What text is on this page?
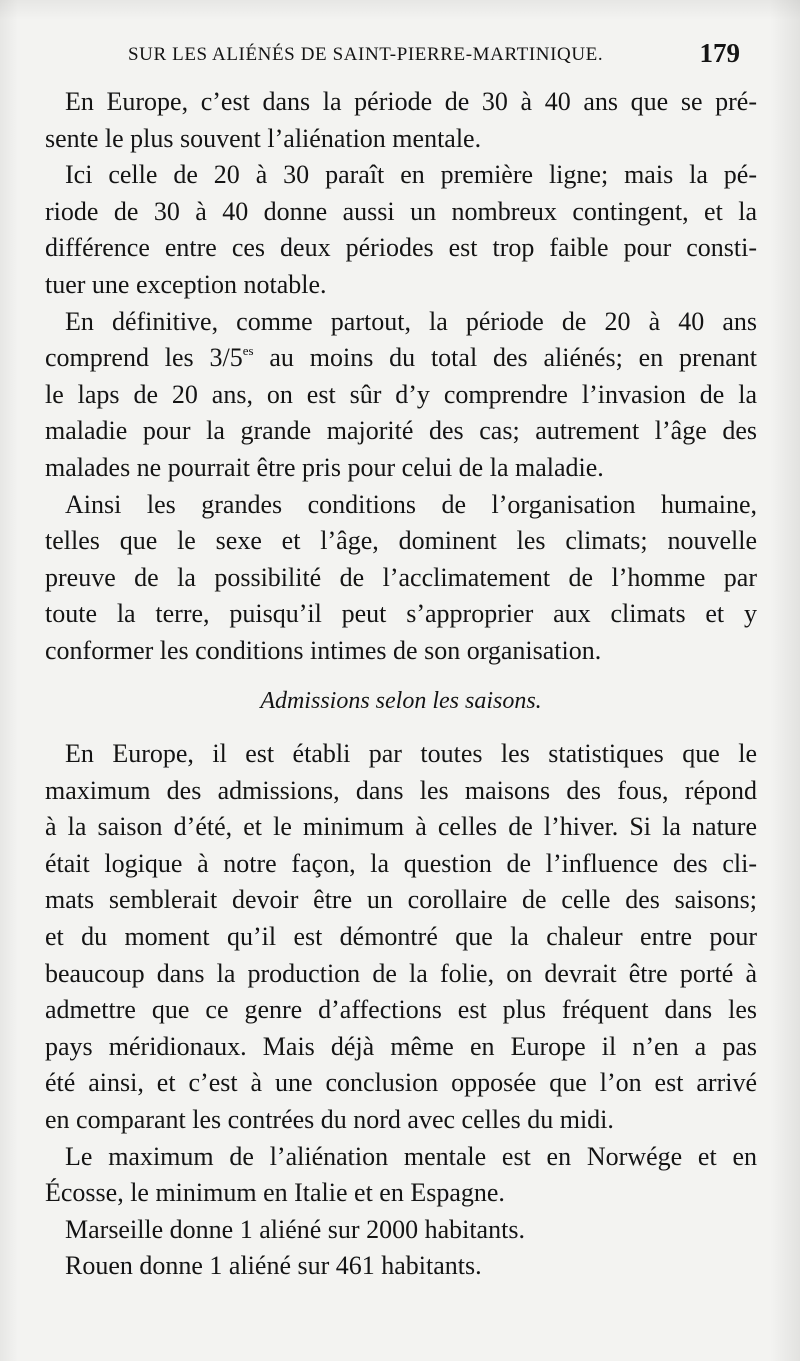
SUR LES ALIÉNÉS DE SAINT-PIERRE-MARTINIQUE.	179
En Europe, c’est dans la période de 30 à 40 ans que se pré-
sente le plus souvent l’aliénation mentale.
Ici celle de 20 à 30 paraît en première ligne; mais la pé-
riode de 30 à 40 donne aussi un nombreux contingent, et la
différence entre ces deux périodes est trop faible pour consti-
tuer une exception notable.
En définitive, comme partout, la période de 20 à 40 ans
comprend les $3/5^{es}$ au moins du total des aliénés; en prenant
le laps de 20 ans, on est sûr d’y comprendre l’invasion de la
maladie pour la grande majorité des cas; autrement l’âge des
malades ne pourrait être pris pour celui de la maladie.
Ainsi les grandes conditions de l’organisation humaine,
telles que le sexe et l’âge, dominent les climats; nouvelle
preuve de la possibilité de l’acclimatement de l’homme par
toute la terre, puisqu’il peut s’approprier aux climats et y
conformer les conditions intimes de son organisation.
Admissions selon les saisons.
En Europe, il est établi par toutes les statistiques que le
maximum des admissions, dans les maisons des fous, répond
à la saison d’été, et le minimum à celles de l’hiver. Si la nature
était logique à notre façon, la question de l’influence des cli-
mats semblerait devoir être un corollaire de celle des saisons;
et du moment qu’il est démontré que la chaleur entre pour
beaucoup dans la production de la folie, on devrait être porté à
admettre que ce genre d’affections est plus fréquent dans les
pays méridionaux. Mais déjà même en Europe il n’en a pas
été ainsi, et c’est à une conclusion opposée que l’on est arrivé
en comparant les contrées du nord avec celles du midi.
Le maximum de l’aliénation mentale est en Norwége et en
Écosse, le minimum en Italie et en Espagne.
Marseille donne 1 aliéné sur 2000 habitants.
Rouen donne 1 aliéné sur 461 habitants.
